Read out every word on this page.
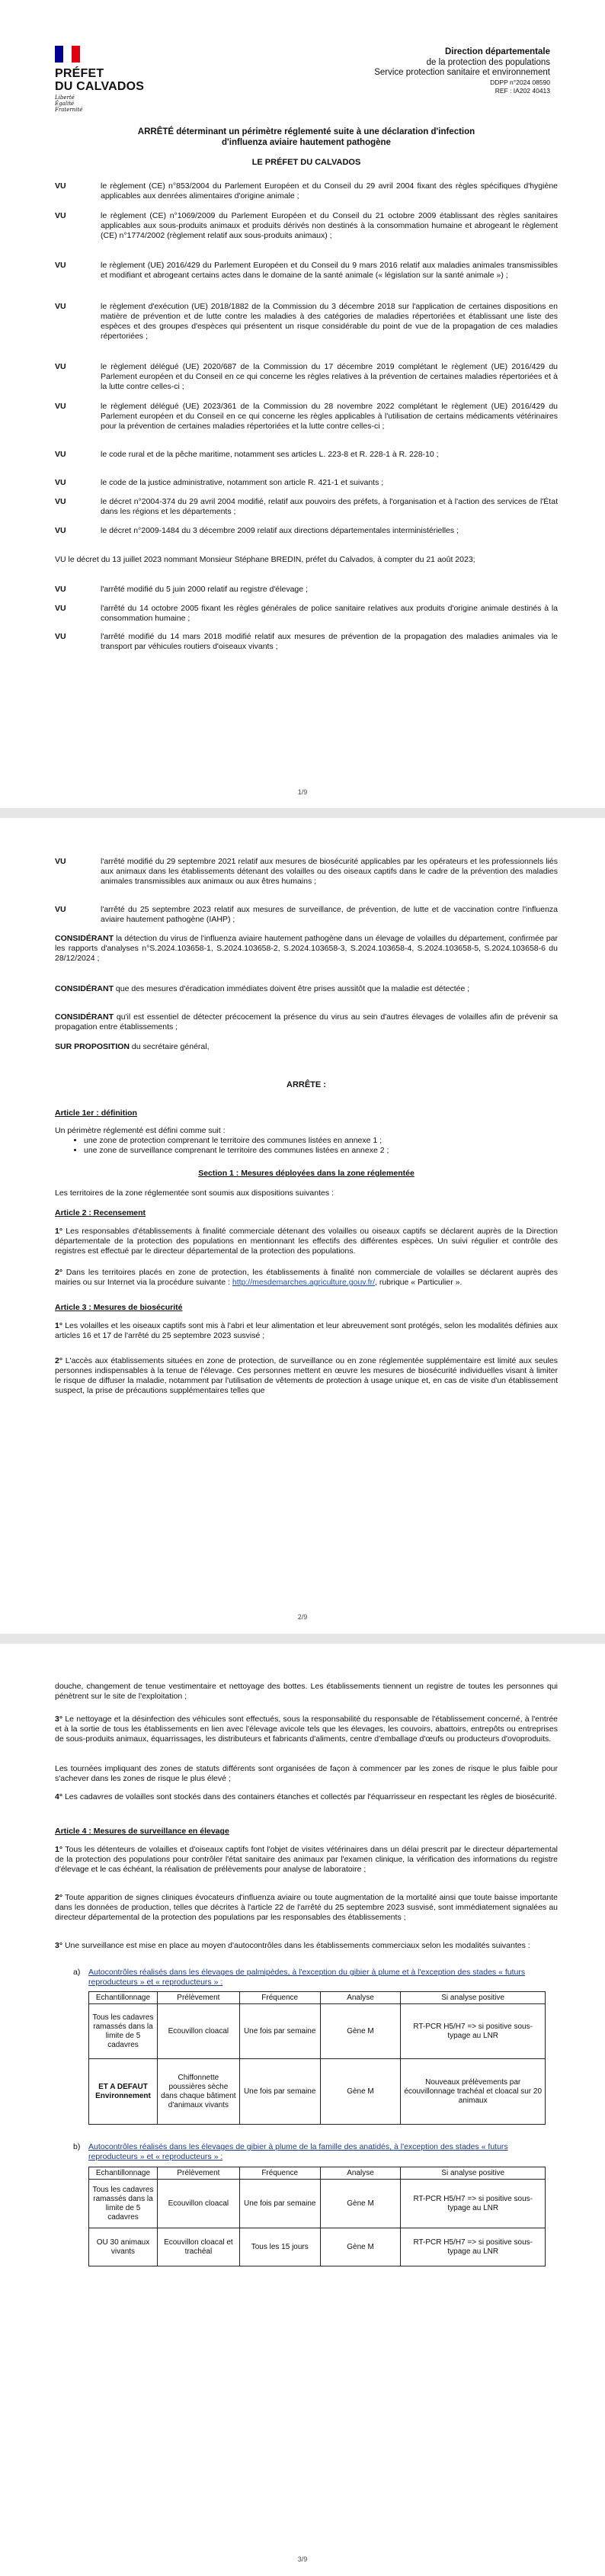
PRÉFET
DU CALVADOS
Liberté
Égalité
Fraternité
Direction départementale
de la protection des populations
Service protection sanitaire et environnement
DDPP n°2024 08590
REF : IA202 40413
ARRÊTÉ déterminant un périmètre réglementé suite à une déclaration d'infection
d'influenza aviaire hautement pathogène
LE PRÉFET DU CALVADOS
VU	le règlement (CE) n°853/2004 du Parlement Européen et du Conseil du 29 avril 2004 fixant des règles spécifiques d'hygiène applicables aux denrées alimentaires d'origine animale ;
VU	le règlement (CE) n°1069/2009 du Parlement Européen et du Conseil du 21 octobre 2009 établissant des règles sanitaires applicables aux sous-produits animaux et produits dérivés non destinés à la consommation humaine et abrogeant le règlement (CE) n°1774/2002 (règlement relatif aux sous-produits animaux) ;
VU	le règlement (UE) 2016/429 du Parlement Européen et du Conseil du 9 mars 2016 relatif aux maladies animales transmissibles et modifiant et abrogeant certains actes dans le domaine de la santé animale (« législation sur la santé animale ») ;
VU	le règlement d'exécution (UE) 2018/1882 de la Commission du 3 décembre 2018 sur l'application de certaines dispositions en matière de prévention et de lutte contre les maladies à des catégories de maladies répertoriées et établissant une liste des espèces et des groupes d'espèces qui présentent un risque considérable du point de vue de la propagation de ces maladies répertoriées ;
VU	le règlement délégué (UE) 2020/687 de la Commission du 17 décembre 2019 complétant le règlement (UE) 2016/429 du Parlement européen et du Conseil en ce qui concerne les règles relatives à la prévention de certaines maladies répertoriées et à la lutte contre celles-ci ;
VU	le règlement délégué (UE) 2023/361 de la Commission du 28 novembre 2022 complétant le règlement (UE) 2016/429 du Parlement européen et du Conseil en ce qui concerne les règles applicables à l'utilisation de certains médicaments vétérinaires pour la prévention de certaines maladies répertoriées et la lutte contre celles-ci ;
VU	le code rural et de la pêche maritime, notamment ses articles L. 223-8 et R. 228-1 à R. 228-10 ;
VU	le code de la justice administrative, notamment son article R. 421-1 et suivants ;
VU	le décret n°2004-374 du 29 avril 2004 modifié, relatif aux pouvoirs des préfets, à l'organisation et à l'action des services de l'État dans les régions et les départements ;
VU	le décret n°2009-1484 du 3 décembre 2009 relatif aux directions départementales interministérielles ;
VU le décret du 13 juillet 2023 nommant Monsieur Stéphane BREDIN, préfet du Calvados, à compter du 21 août 2023;
VU	l'arrêté modifié du 5 juin 2000 relatif au registre d'élevage ;
VU	l'arrêté du 14 octobre 2005 fixant les règles générales de police sanitaire relatives aux produits d'origine animale destinés à la consommation humaine ;
VU	l'arrêté modifié du 14 mars 2018 modifié relatif aux mesures de prévention de la propagation des maladies animales via le transport par véhicules routiers d'oiseaux vivants ;
1/9
VU	l'arrêté modifié du 29 septembre 2021 relatif aux mesures de biosécurité applicables par les opérateurs et les professionnels liés aux animaux dans les établissements détenant des volailles ou des oiseaux captifs dans le cadre de la prévention des maladies animales transmissibles aux animaux ou aux êtres humains ;
VU	l'arrêté du 25 septembre 2023 relatif aux mesures de surveillance, de prévention, de lutte et de vaccination contre l'influenza aviaire hautement pathogène (IAHP) ;
CONSIDÉRANT la détection du virus de l'influenza aviaire hautement pathogène dans un élevage de volailles du département, confirmée par les rapports d'analyses n°S.2024.103658-1, S.2024.103658-2, S.2024.103658-3, S.2024.103658-4, S.2024.103658-5, S.2024.103658-6 du 28/12/2024 ;
CONSIDÉRANT que des mesures d'éradication immédiates doivent être prises aussitôt que la maladie est détectée ;
CONSIDÉRANT qu'il est essentiel de détecter précocement la présence du virus au sein d'autres élevages de volailles afin de prévenir sa propagation entre établissements ;
SUR PROPOSITION du secrétaire général,
ARRÊTE :
Article 1er : définition
Un périmètre réglementé est défini comme suit :
• une zone de protection comprenant le territoire des communes listées en annexe 1 ;
• une zone de surveillance comprenant le territoire des communes listées en annexe 2 ;
Section 1 : Mesures déployées dans la zone réglementée
Les territoires de la zone réglementée sont soumis aux dispositions suivantes :
Article 2 : Recensement
1° Les responsables d'établissements à finalité commerciale détenant des volailles ou oiseaux captifs se déclarent auprès de la Direction départementale de la protection des populations en mentionnant les effectifs des différentes espèces. Un suivi régulier et contrôle des registres est effectué par le directeur départemental de la protection des populations.
2° Dans les territoires placés en zone de protection, les établissements à finalité non commerciale de volailles se déclarent auprès des mairies ou sur Internet via la procédure suivante : http://mesdemarches.agriculture.gouv.fr/, rubrique « Particulier ».
Article 3 : Mesures de biosécurité
1° Les volailles et les oiseaux captifs sont mis à l'abri et leur alimentation et leur abreuvement sont protégés, selon les modalités définies aux articles 16 et 17 de l'arrêté du 25 septembre 2023 susvisé ;
2° L'accès aux établissements situées en zone de protection, de surveillance ou en zone réglementée supplémentaire est limité aux seules personnes indispensables à la tenue de l'élevage. Ces personnes mettent en œuvre les mesures de biosécurité individuelles visant à limiter le risque de diffuser la maladie, notamment par l'utilisation de vêtements de protection à usage unique et, en cas de visite d'un établissement suspect, la prise de précautions supplémentaires telles que
2/9
douche, changement de tenue vestimentaire et nettoyage des bottes. Les établissements tiennent un registre de toutes les personnes qui pénètrent sur le site de l'exploitation ;
3° Le nettoyage et la désinfection des véhicules sont effectués, sous la responsabilité du responsable de l'établissement concerné, à l'entrée et à la sortie de tous les établissements en lien avec l'élevage avicole tels que les élevages, les couvoirs, abattoirs, entrepôts ou entreprises de sous-produits animaux, équarrissages, les distributeurs et fabricants d'aliments, centre d'emballage d'œufs ou producteurs d'ovoproduits.
Les tournées impliquant des zones de statuts différents sont organisées de façon à commencer par les zones de risque le plus faible pour s'achever dans les zones de risque le plus élevé ;
4° Les cadavres de volailles sont stockés dans des containers étanches et collectés par l'équarrisseur en respectant les règles de biosécurité.
Article 4 : Mesures de surveillance en élevage
1° Tous les détenteurs de volailles et d'oiseaux captifs font l'objet de visites vétérinaires dans un délai prescrit par le directeur départemental de la protection des populations pour contrôler l'état sanitaire des animaux par l'examen clinique, la vérification des informations du registre d'élevage et le cas échéant, la réalisation de prélèvements pour analyse de laboratoire ;
2° Toute apparition de signes cliniques évocateurs d'influenza aviaire ou toute augmentation de la mortalité ainsi que toute baisse importante dans les données de production, telles que décrites à l'article 22 de l'arrêté du 25 septembre 2023 susvisé, sont immédiatement signalées au directeur départemental de la protection des populations par les responsables des établissements ;
3° Une surveillance est mise en place au moyen d'autocontrôles dans les établissements commerciaux selon les modalités suivantes :
a) Autocontrôles réalisés dans les élevages de palmipèdes, à l'exception du gibier à plume et à l'exception des stades « futurs reproducteurs » et « reproducteurs » :
Echantillonnage	Prélèvement	Fréquence	Analyse	Si analyse positive
Tous les cadavres ramassés dans la limite de 5 cadavres	Ecouvillon cloacal	Une fois par semaine	Gène M	RT-PCR H5/H7 => si positive sous-typage au LNR
ET A DEFAUT Environnement	Chiffonnette poussières sèche dans chaque bâtiment d'animaux vivants	Une fois par semaine	Gène M	Nouveaux prélèvements par écouvillonnage trachéal et cloacal sur 20 animaux
b) Autocontrôles réalisés dans les élevages de gibier à plume de la famille des anatidés, à l'exception des stades « futurs reproducteurs » et « reproducteurs » :
Echantillonnage	Prélèvement	Fréquence	Analyse	Si analyse positive
Tous les cadavres ramassés dans la limite de 5 cadavres	Ecouvillon cloacal	Une fois par semaine	Gène M	RT-PCR H5/H7 => si positive sous-typage au LNR
OU 30 animaux vivants	Ecouvillon cloacal et trachéal	Tous les 15 jours	Gène M	RT-PCR H5/H7 => si positive sous-typage au LNR
3/9
